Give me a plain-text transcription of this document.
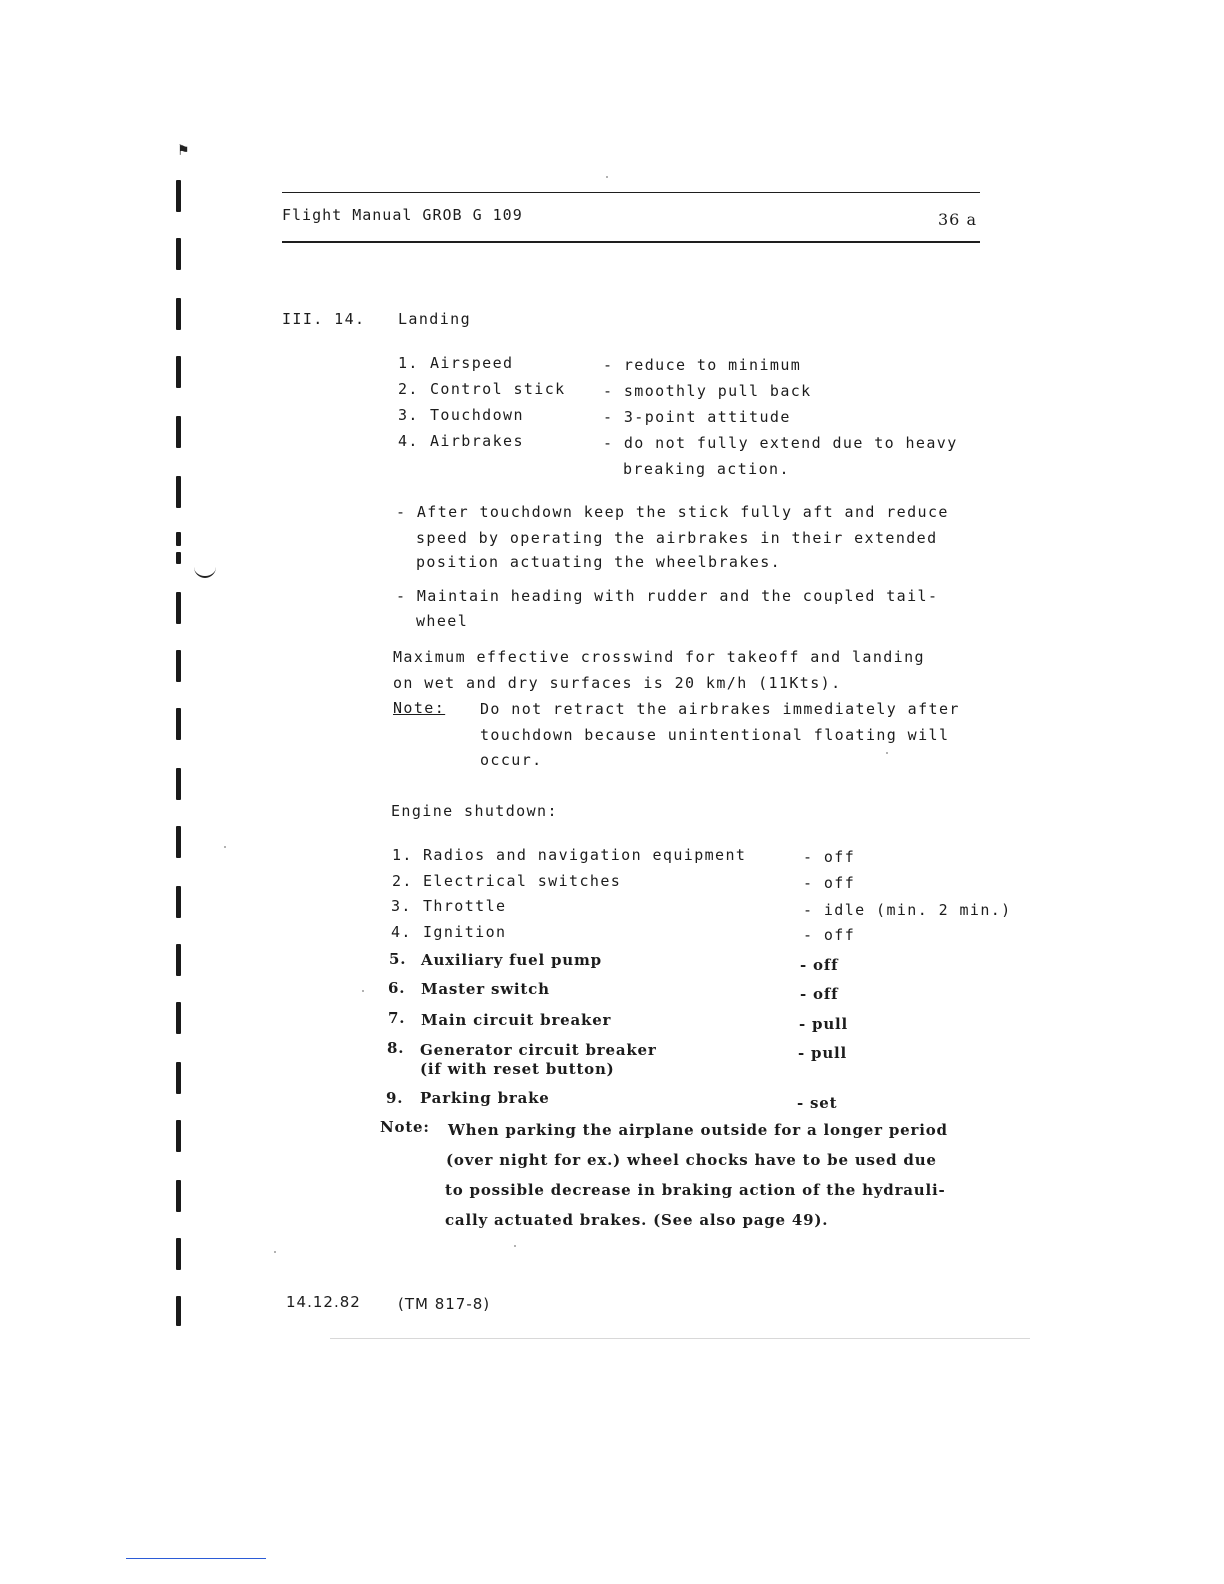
⚑
Flight Manual GROB G 109	36 a
III. 14. Landing
1. Airspeed	- reduce to minimum
2. Control stick - smoothly pull back
3. Touchdown	- 3-point attitude
4. Airbrakes	- do not fully extend due to heavy
breaking action.
- After touchdown keep the stick fully aft and reduce
speed by operating the airbrakes in their extended
position actuating the wheelbrakes.
- Maintain heading with rudder and the coupled tail-
wheel
Maximum effective crosswind for takeoff and landing
on wet and dry surfaces is 20 km/h (11Kts).
Note: Do not retract the airbrakes immediately after
touchdown because unintentional floating will
occur.
Engine shutdown:
1. Radios and navigation equipment	- off
2. Electrical switches	- off
3. Throttle	- idle (min. 2 min.)
4. Ignition	- off
5. Auxiliary fuel pump	- off
6. Master switch	- off
7. Main circuit breaker	- pull
8. Generator circuit breaker
(if with reset button)
- pull
9. Parking brake	- set
Note: When parking the airplane outside for a longer period
(over night for ex.) wheel chocks have to be used due
to possible decrease in braking action of the hydrauli-
cally actuated brakes. (See also page 49).
14.12.82 (TM 817-8)
